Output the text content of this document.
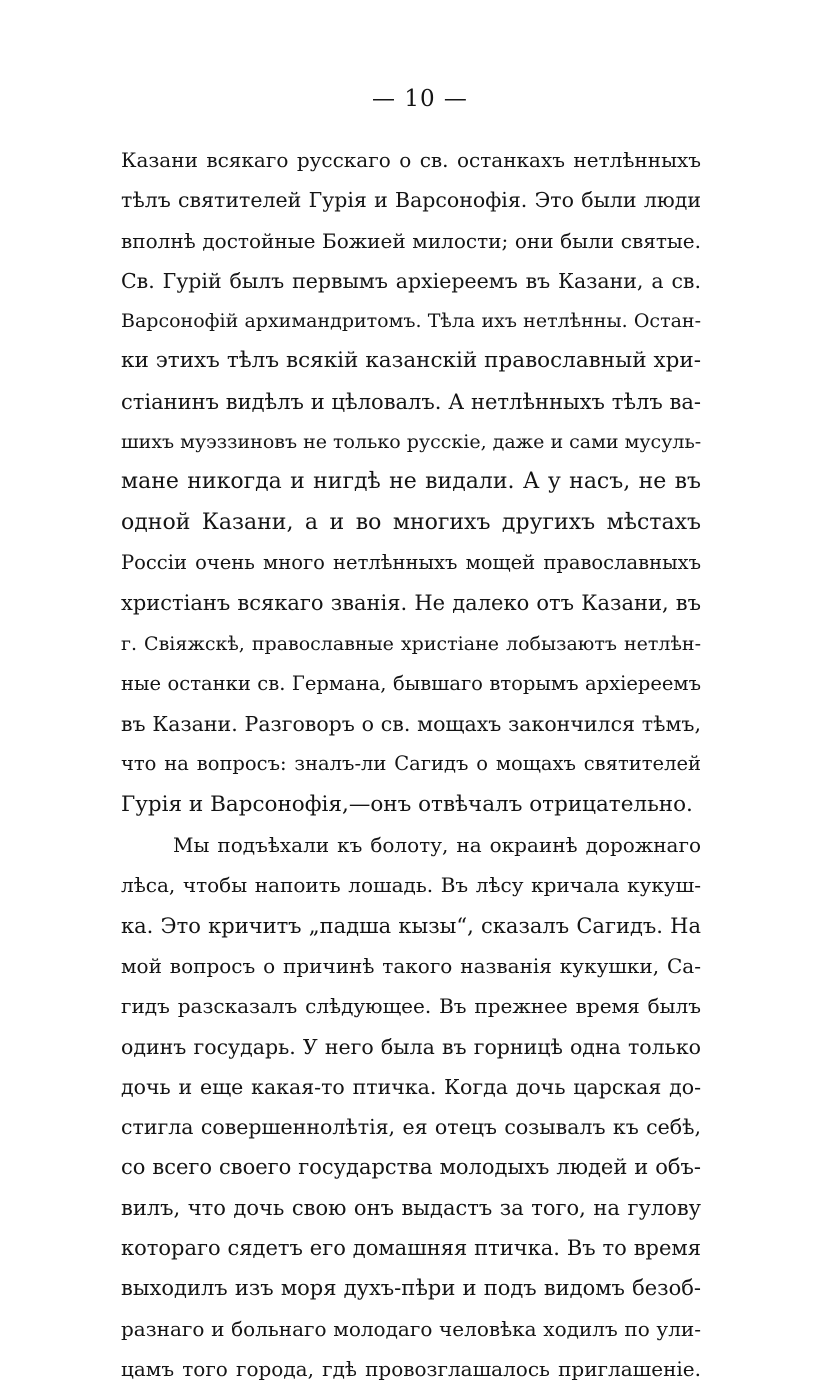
— 10 —
Казани всякаго русскаго о св. останкахъ нетлѣнныхъ
тѣлъ святителей Гурія и Варсонофія. Это были люди
вполнѣ достойные Божией милости; они были святые.
Св. Гурій былъ первымъ архіереемъ въ Казани, а св.
Варсонофій архимандритомъ. Тѣла ихъ нетлѣнны. Остан-
ки этихъ тѣлъ всякій казанскій православный хри-
стіанинъ видѣлъ и цѣловалъ. А нетлѣнныхъ тѣлъ ва-
шихъ муэззиновъ не только русскіе, даже и сами мусуль-
мане никогда и нигдѣ не видали. А у насъ, не въ
одной Казани, а и во многихъ другихъ мѣстахъ
Россіи очень много нетлѣнныхъ мощей православныхъ
христіанъ всякаго званія. Не далеко отъ Казани, въ
г. Свіяжскѣ, православные христіане лобызаютъ нетлѣн-
ные останки св. Германа, бывшаго вторымъ архіереемъ
въ Казани. Разговоръ о св. мощахъ закончился тѣмъ,
что на вопросъ: зналъ-ли Сагидъ о мощахъ святителей
Гурія и Варсонофія,—онъ отвѣчалъ отрицательно.
Мы подъѣхали къ болоту, на окраинѣ дорожнаго
лѣса, чтобы напоить лошадь. Въ лѣсу кричала кукуш-
ка. Это кричитъ „падша кызы“, сказалъ Сагидъ. На
мой вопросъ о причинѣ такого названія кукушки, Са-
гидъ разсказалъ слѣдующее. Въ прежнее время былъ
одинъ государь. У него была въ горницѣ одна только
дочь и еще какая-то птичка. Когда дочь царская до-
стигла совершеннолѣтія, ея отецъ созывалъ къ себѣ,
со всего своего государства молодыхъ людей и объ-
вилъ, что дочь свою онъ выдастъ за того, на гулову
котораго сядетъ его домашняя птичка. Въ то время
выходилъ изъ моря духъ-пѣри и подъ видомъ безоб-
разнаго и больнаго молодаго человѣка ходилъ по ули-
цамъ того города, гдѣ провозглашалось приглашеніе.
